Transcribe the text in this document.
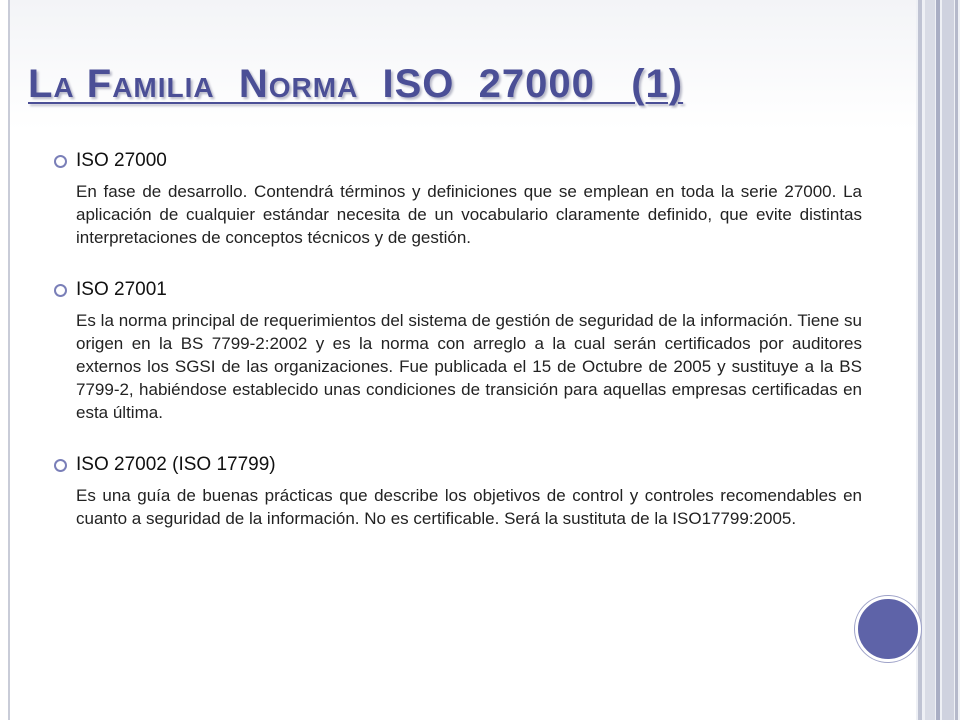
La Familia  Norma  ISO  27000   (1)

ISO 27000

En fase de desarrollo. Contendrá términos y definiciones que se emplean en toda la serie 27000. La aplicación de cualquier estándar necesita de un vocabulario claramente definido, que evite distintas interpretaciones de conceptos técnicos y de gestión.

ISO 27001

Es la norma principal de requerimientos del sistema de gestión de seguridad de la información. Tiene su origen en la BS 7799-2:2002 y es la norma con arreglo a la cual serán certificados por auditores externos los SGSI de las organizaciones. Fue publicada el 15 de Octubre de 2005 y sustituye a la BS 7799-2, habiéndose establecido unas condiciones de transición para aquellas empresas certificadas en esta última.

ISO 27002 (ISO 17799)

Es una guía de buenas prácticas que describe los objetivos de control y controles recomendables en cuanto a seguridad de la información. No es certificable. Será la sustituta de la ISO17799:2005.
